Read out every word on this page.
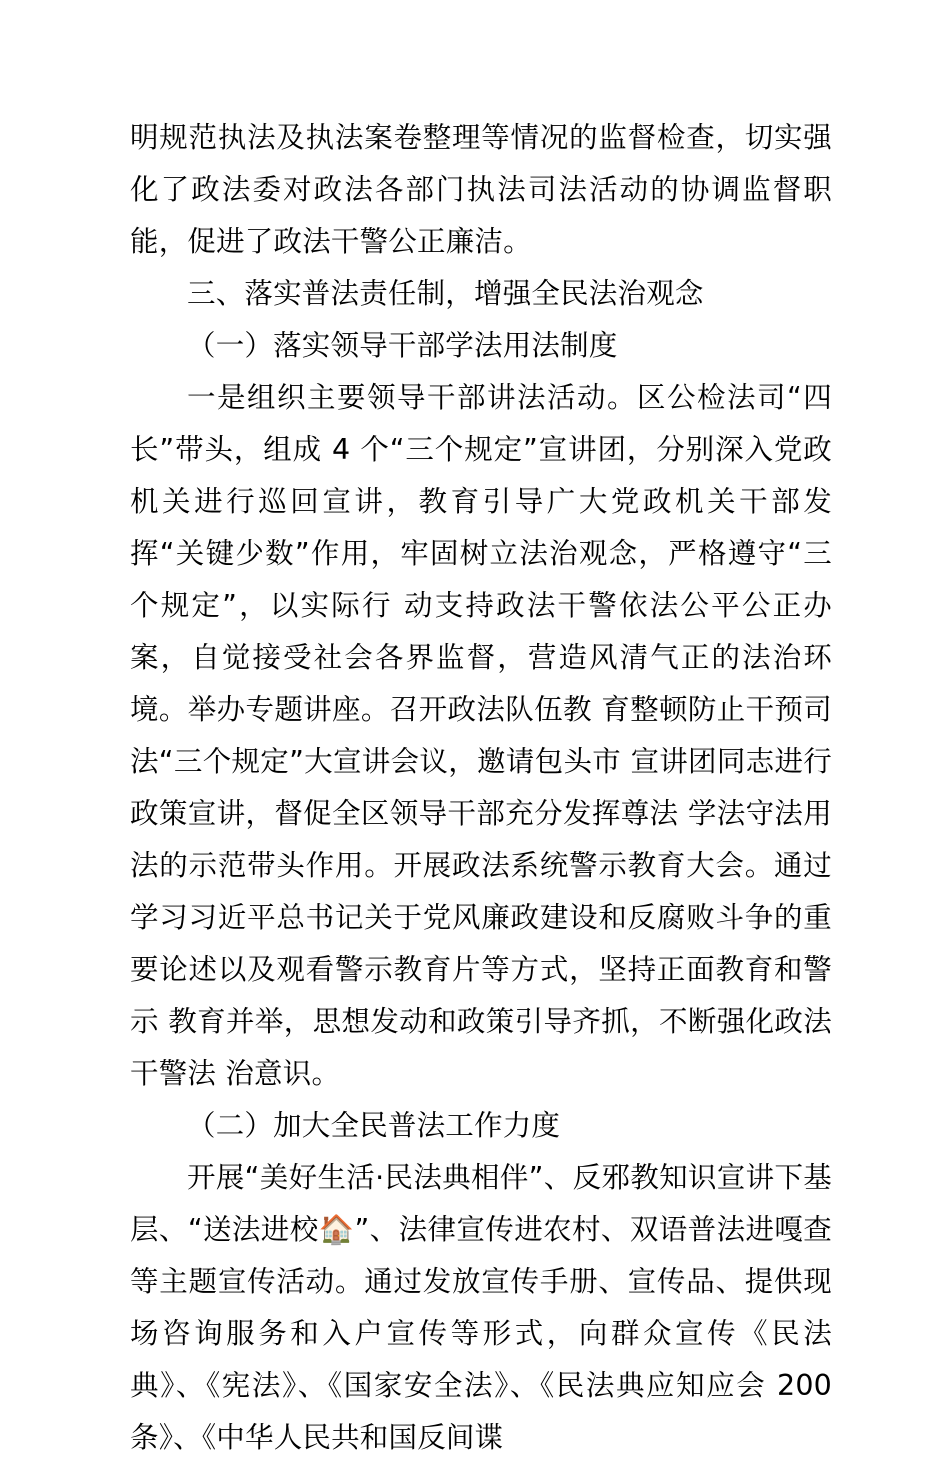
明规范执法及执法案卷整理等情况的监督检查，切实强化了政法委对政法各部门执法司法活动的协调监督职能，促进了政法干警公正廉洁。

三、落实普法责任制，增强全民法治观念

（一）落实领导干部学法用法制度

一是组织主要领导干部讲法活动。区公检法司“四长”带头，组成 4 个“三个规定”宣讲团，分别深入党政机关进行巡回宣讲，教育引导广大党政机关干部发挥“关键少数”作用，牢固树立法治观念，严格遵守“三个规定”，以实际行 动支持政法干警依法公平公正办案，自觉接受社会各界监督，营造风清气正的法治环境。举办专题讲座。召开政法队伍教 育整顿防止干预司法“三个规定”大宣讲会议，邀请包头市 宣讲团同志进行政策宣讲，督促全区领导干部充分发挥尊法 学法守法用法的示范带头作用。开展政法系统警示教育大会。通过学习习近平总书记关于党风廉政建设和反腐败斗争的重要论述以及观看警示教育片等方式，坚持正面教育和警示 教育并举，思想发动和政策引导齐抓，不断强化政法干警法 治意识。

（二）加大全民普法工作力度

开展“美好生活·民法典相伴”、反邪教知识宣讲下基层、“送法进校🏠”、法律宣传进农村、双语普法进嘎查等主题宣传活动。通过发放宣传手册、宣传品、提供现场咨询服务和入户宣传等形式，向群众宣传《民法典》、《宪法》、《国家安全法》、《民法典应知应会 200 条》、《中华人民共和国反间谍
